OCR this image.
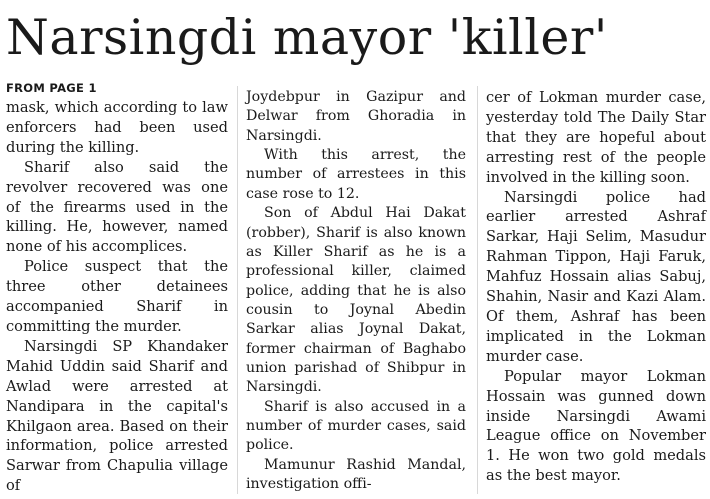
Narsingdi mayor 'killer'
FROM PAGE 1

mask, which according to law enforcers had been used during the killing.

Sharif also said the revolver recovered was one of the firearms used in the killing. He, however, named none of his accomplices.

Police suspect that the three other detainees accompanied Sharif in committing the murder.

Narsingdi SP Khandaker Mahid Uddin said Sharif and Awlad were arrested at Nandipara in the capital's Khilgaon area. Based on their information, police arrested Sarwar from Chapulia village of

Joydebpur in Gazipur and Delwar from Ghoradia in Narsingdi.

With this arrest, the number of arrestees in this case rose to 12.

Son of Abdul Hai Dakat (robber), Sharif is also known as Killer Sharif as he is a professional killer, claimed police, adding that he is also cousin to Joynal Abedin Sarkar alias Joynal Dakat, former chairman of Baghabo union parishad of Shibpur in Narsingdi.

Sharif is also accused in a number of murder cases, said police.

Mamunur Rashid Mandal, investigation offi-

cer of Lokman murder case, yesterday told The Daily Star that they are hopeful about arresting rest of the people involved in the killing soon.

Narsingdi police had earlier arrested Ashraf Sarkar, Haji Selim, Masudur Rahman Tippon, Haji Faruk, Mahfuz Hossain alias Sabuj, Shahin, Nasir and Kazi Alam. Of them, Ashraf has been implicated in the Lokman murder case.

Popular mayor Lokman Hossain was gunned down inside Narsingdi Awami League office on November 1. He won two gold medals as the best mayor.
